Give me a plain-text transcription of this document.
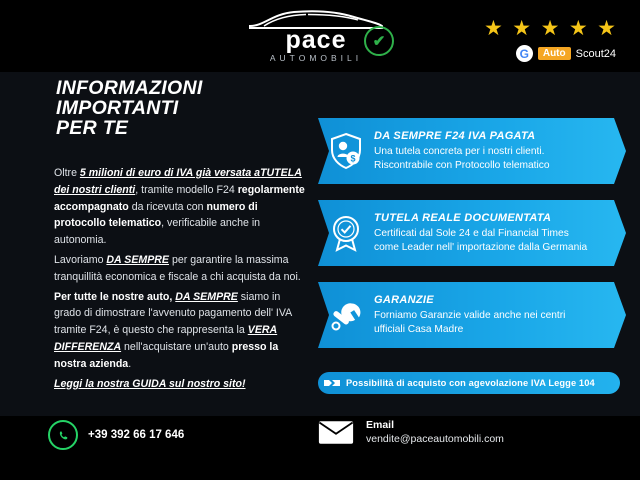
pace
AUTOMOBILI
✔
★ ★ ★ ★ ★
G	Auto Scout24
INFORMAZIONI
IMPORTANTI
PER TE

Oltre 5 milioni di euro di IVA già versata aTUTELA dei nostri clienti, tramite modello F24 regolarmente accompagnato da ricevuta con numero di protocollo telematico, verificabile anche in autonomia.

Lavoriamo DA SEMPRE per garantire la massima tranquillità economica e fiscale a chi acquista da noi.

Per tutte le nostre auto, DA SEMPRE siamo in grado di dimostrare l'avvenuto pagamento dell' IVA tramite F24, è questo che rappresenta la VERA DIFFERENZA nell'acquistare un'auto presso la nostra azienda.

Leggi la nostra GUIDA sul nostro sito!

$
DA SEMPRE F24 IVA PAGATA
Una tutela concreta per i nostri clienti.
Riscontrabile con Protocollo telematico
TUTELA REALE DOCUMENTATA
Certificati dal Sole 24 e dal Financial Times
come Leader nell' importazione dalla Germania
GARANZIE
Forniamo Garanzie valide anche nei centri
ufficiali Casa Madre
Possibilità di acquisto con agevolazione IVA Legge 104
+39 392 66 17 646
Email
vendite@paceautomobili.com
